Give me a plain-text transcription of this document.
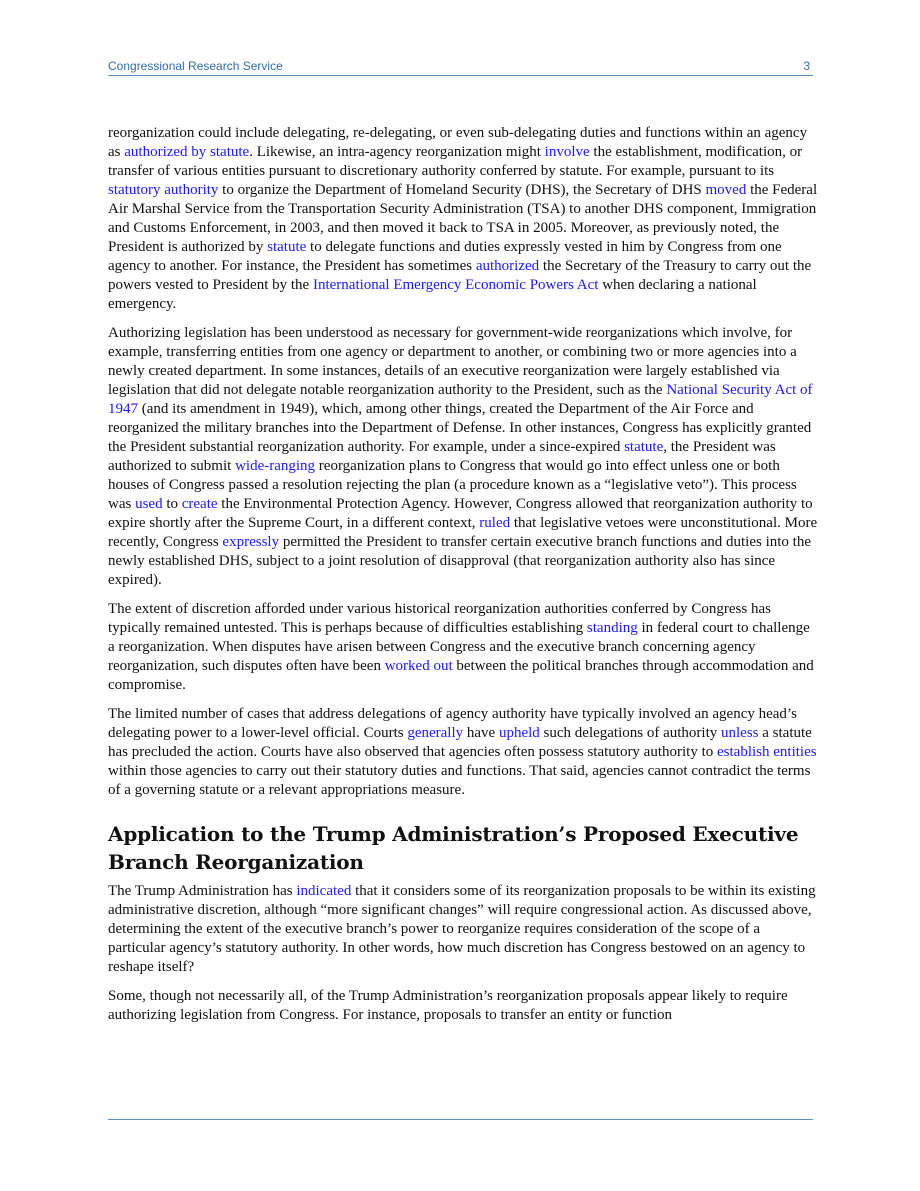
Congressional Research Service	3

reorganization could include delegating, re-delegating, or even sub-delegating duties and functions within an agency as authorized by statute. Likewise, an intra-agency reorganization might involve the establishment, modification, or transfer of various entities pursuant to discretionary authority conferred by statute. For example, pursuant to its statutory authority to organize the Department of Homeland Security (DHS), the Secretary of DHS moved the Federal Air Marshal Service from the Transportation Security Administration (TSA) to another DHS component, Immigration and Customs Enforcement, in 2003, and then moved it back to TSA in 2005. Moreover, as previously noted, the President is authorized by statute to delegate functions and duties expressly vested in him by Congress from one agency to another. For instance, the President has sometimes authorized the Secretary of the Treasury to carry out the powers vested to President by the International Emergency Economic Powers Act when declaring a national emergency.

Authorizing legislation has been understood as necessary for government-wide reorganizations which involve, for example, transferring entities from one agency or department to another, or combining two or more agencies into a newly created department. In some instances, details of an executive reorganization were largely established via legislation that did not delegate notable reorganization authority to the President, such as the National Security Act of 1947 (and its amendment in 1949), which, among other things, created the Department of the Air Force and reorganized the military branches into the Department of Defense. In other instances, Congress has explicitly granted the President substantial reorganization authority. For example, under a since-expired statute, the President was authorized to submit wide-ranging reorganization plans to Congress that would go into effect unless one or both houses of Congress passed a resolution rejecting the plan (a procedure known as a “legislative veto”). This process was used to create the Environmental Protection Agency. However, Congress allowed that reorganization authority to expire shortly after the Supreme Court, in a different context, ruled that legislative vetoes were unconstitutional. More recently, Congress expressly permitted the President to transfer certain executive branch functions and duties into the newly established DHS, subject to a joint resolution of disapproval (that reorganization authority also has since expired).

The extent of discretion afforded under various historical reorganization authorities conferred by Congress has typically remained untested. This is perhaps because of difficulties establishing standing in federal court to challenge a reorganization. When disputes have arisen between Congress and the executive branch concerning agency reorganization, such disputes often have been worked out between the political branches through accommodation and compromise.

The limited number of cases that address delegations of agency authority have typically involved an agency head’s delegating power to a lower-level official. Courts generally have upheld such delegations of authority unless a statute has precluded the action. Courts have also observed that agencies often possess statutory authority to establish entities within those agencies to carry out their statutory duties and functions. That said, agencies cannot contradict the terms of a governing statute or a relevant appropriations measure.

Application to the Trump Administration’s Proposed Executive Branch Reorganization

The Trump Administration has indicated that it considers some of its reorganization proposals to be within its existing administrative discretion, although “more significant changes” will require congressional action. As discussed above, determining the extent of the executive branch’s power to reorganize requires consideration of the scope of a particular agency’s statutory authority. In other words, how much discretion has Congress bestowed on an agency to reshape itself?

Some, though not necessarily all, of the Trump Administration’s reorganization proposals appear likely to require authorizing legislation from Congress. For instance, proposals to transfer an entity or function
